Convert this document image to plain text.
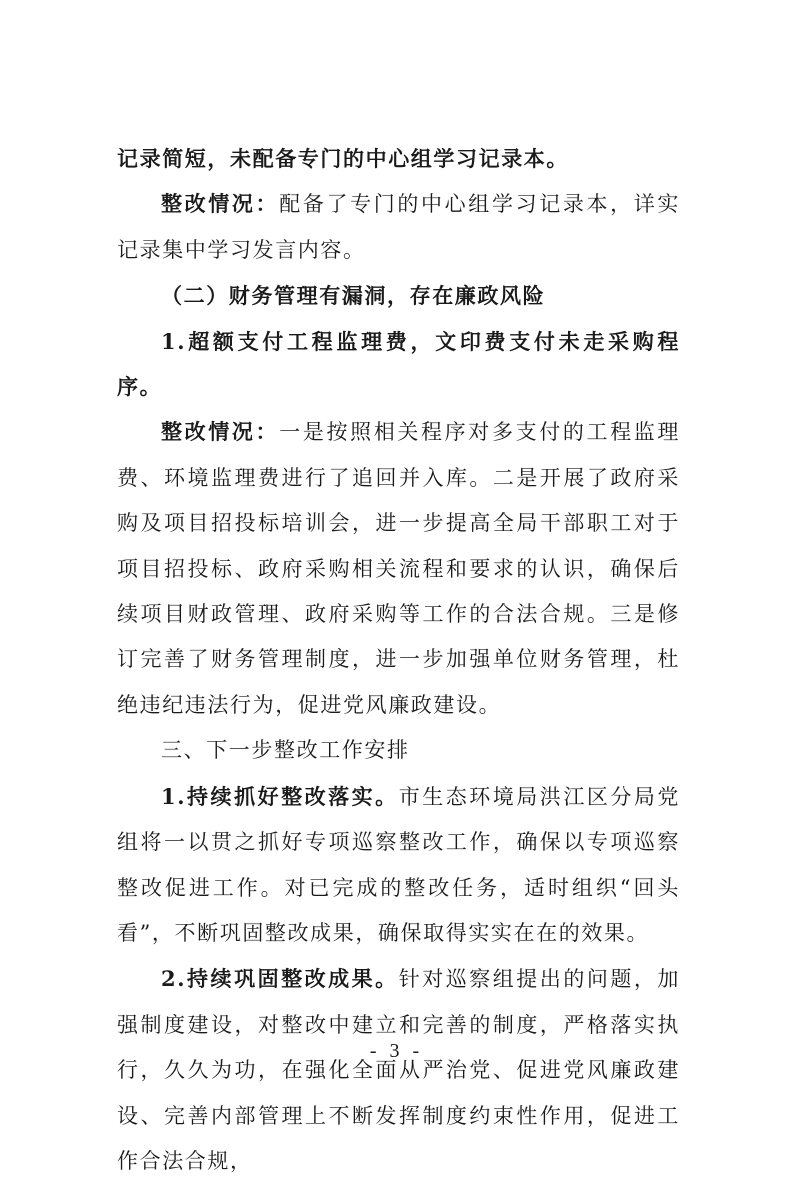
记录简短，未配备专门的中心组学习记录本。

整改情况：配备了专门的中心组学习记录本，详实记录集中学习发言内容。

（二）财务管理有漏洞，存在廉政风险

1.超额支付工程监理费，文印费支付未走采购程序。

整改情况：一是按照相关程序对多支付的工程监理费、环境监理费进行了追回并入库。二是开展了政府采购及项目招投标培训会，进一步提高全局干部职工对于项目招投标、政府采购相关流程和要求的认识，确保后续项目财政管理、政府采购等工作的合法合规。三是修订完善了财务管理制度，进一步加强单位财务管理，杜绝违纪违法行为，促进党风廉政建设。

三、下一步整改工作安排

1.持续抓好整改落实。市生态环境局洪江区分局党组将一以贯之抓好专项巡察整改工作，确保以专项巡察整改促进工作。对已完成的整改任务，适时组织“回头看”，不断巩固整改成果，确保取得实实在在的效果。

2.持续巩固整改成果。针对巡察组提出的问题，加强制度建设，对整改中建立和完善的制度，严格落实执行，久久为功，在强化全面从严治党、促进党风廉政建设、完善内部管理上不断发挥制度约束性作用，促进工作合法合规，

- 3 -
